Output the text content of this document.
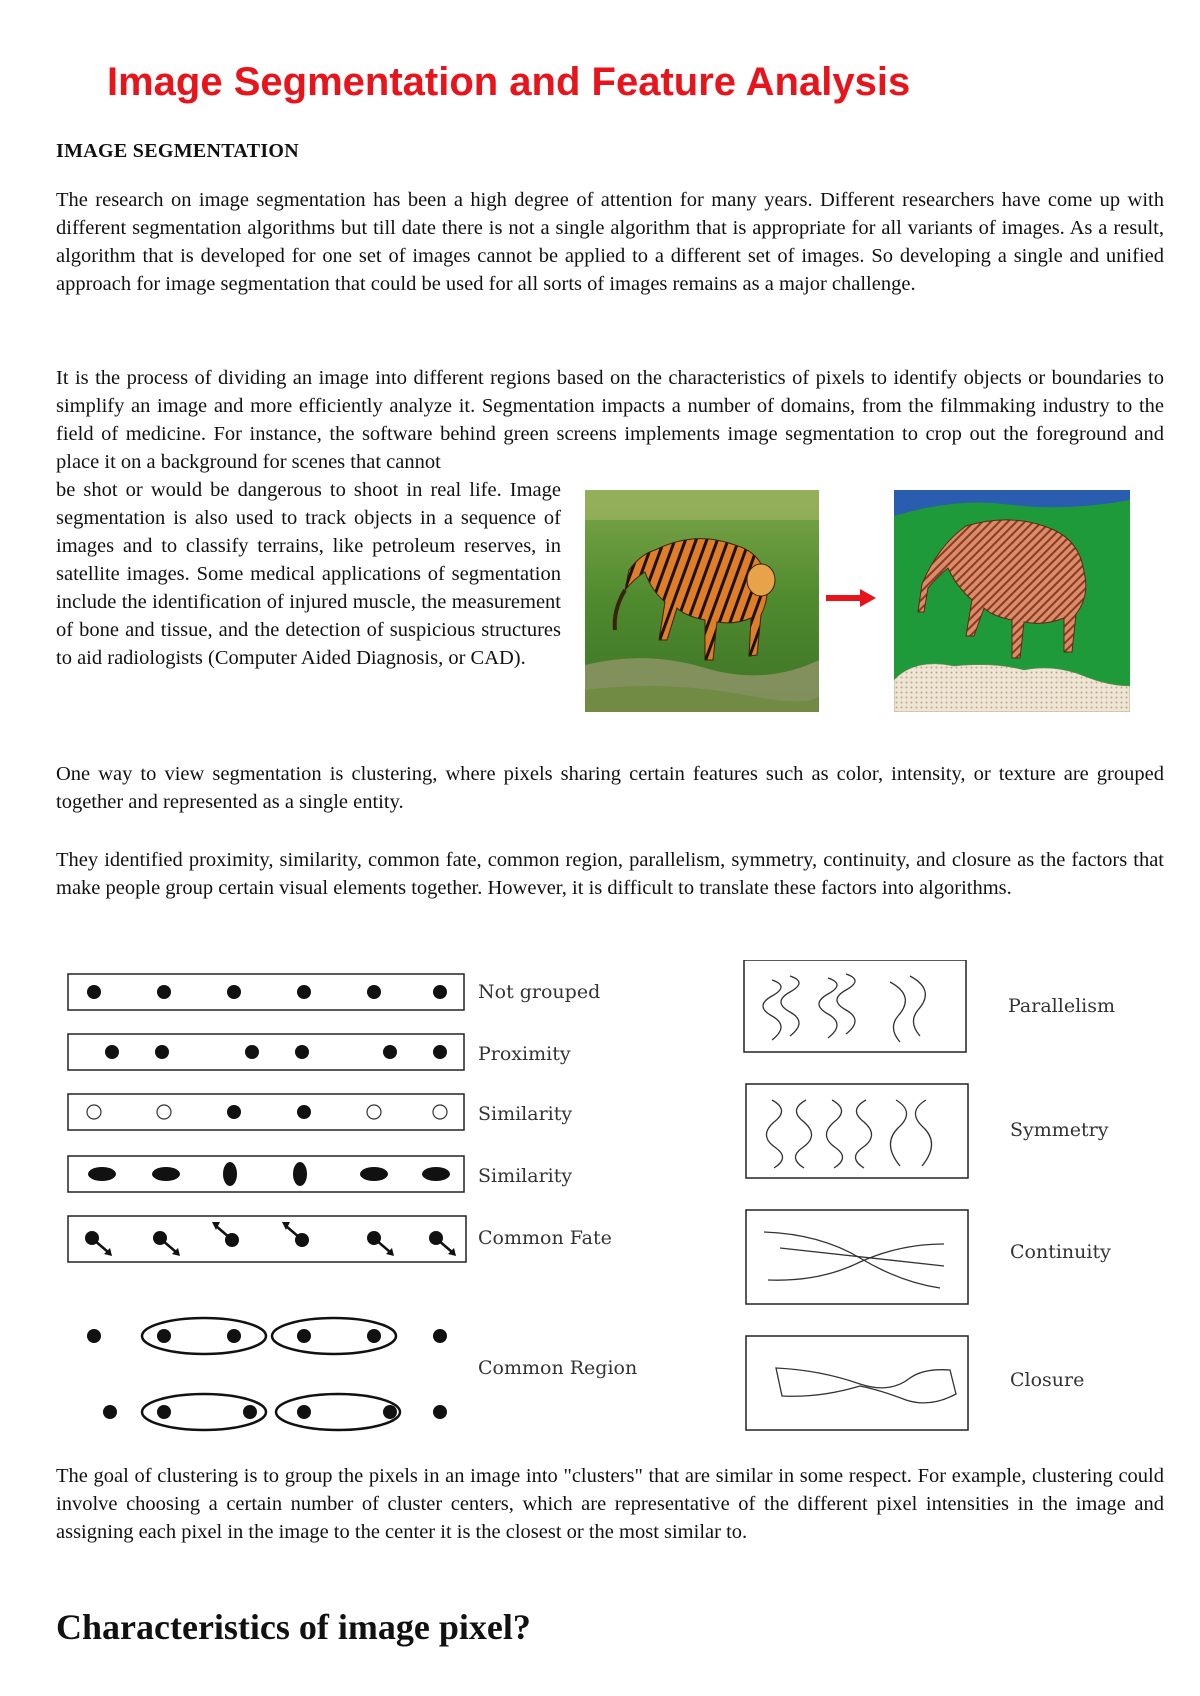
Image Segmentation and Feature Analysis
IMAGE SEGMENTATION

The research on image segmentation has been a high degree of attention for many years. Different researchers have come up with different segmentation algorithms but till date there is not a single algorithm that is appropriate for all variants of images. As a result, algorithm that is developed for one set of images cannot be applied to a different set of images. So developing a single and unified approach for image segmentation that could be used for all sorts of images remains as a major challenge.

It is the process of dividing an image into different regions based on the characteristics of pixels to identify objects or boundaries to simplify an image and more efficiently analyze it. Segmentation impacts a number of domains, from the filmmaking industry to the field of medicine. For instance, the software behind green screens implements image segmentation to crop out the foreground and place it on a background for scenes that cannot

be shot or would be dangerous to shoot in real life. Image segmentation is also used to track objects in a sequence of images and to classify terrains, like petroleum reserves, in satellite images. Some medical applications of segmentation include the identification of injured muscle, the measurement of bone and tissue, and the detection of suspicious structures to aid radiologists (Computer Aided Diagnosis, or CAD).

One way to view segmentation is clustering, where pixels sharing certain features such as color, intensity, or texture are grouped together and represented as a single entity.

They identified proximity, similarity, common fate, common region, parallelism, symmetry, continuity, and closure as the factors that make people group certain visual elements together. However, it is difficult to translate these factors into algorithms.

Not grouped
Proximity
Similarity
Similarity
Common Fate
Common Region
Parallelism
Symmetry
Continuity
Closure

The goal of clustering is to group the pixels in an image into "clusters" that are similar in some respect. For example, clustering could involve choosing a certain number of cluster centers, which are representative of the different pixel intensities in the image and assigning each pixel in the image to the center it is the closest or the most similar to.

Characteristics of image pixel?
